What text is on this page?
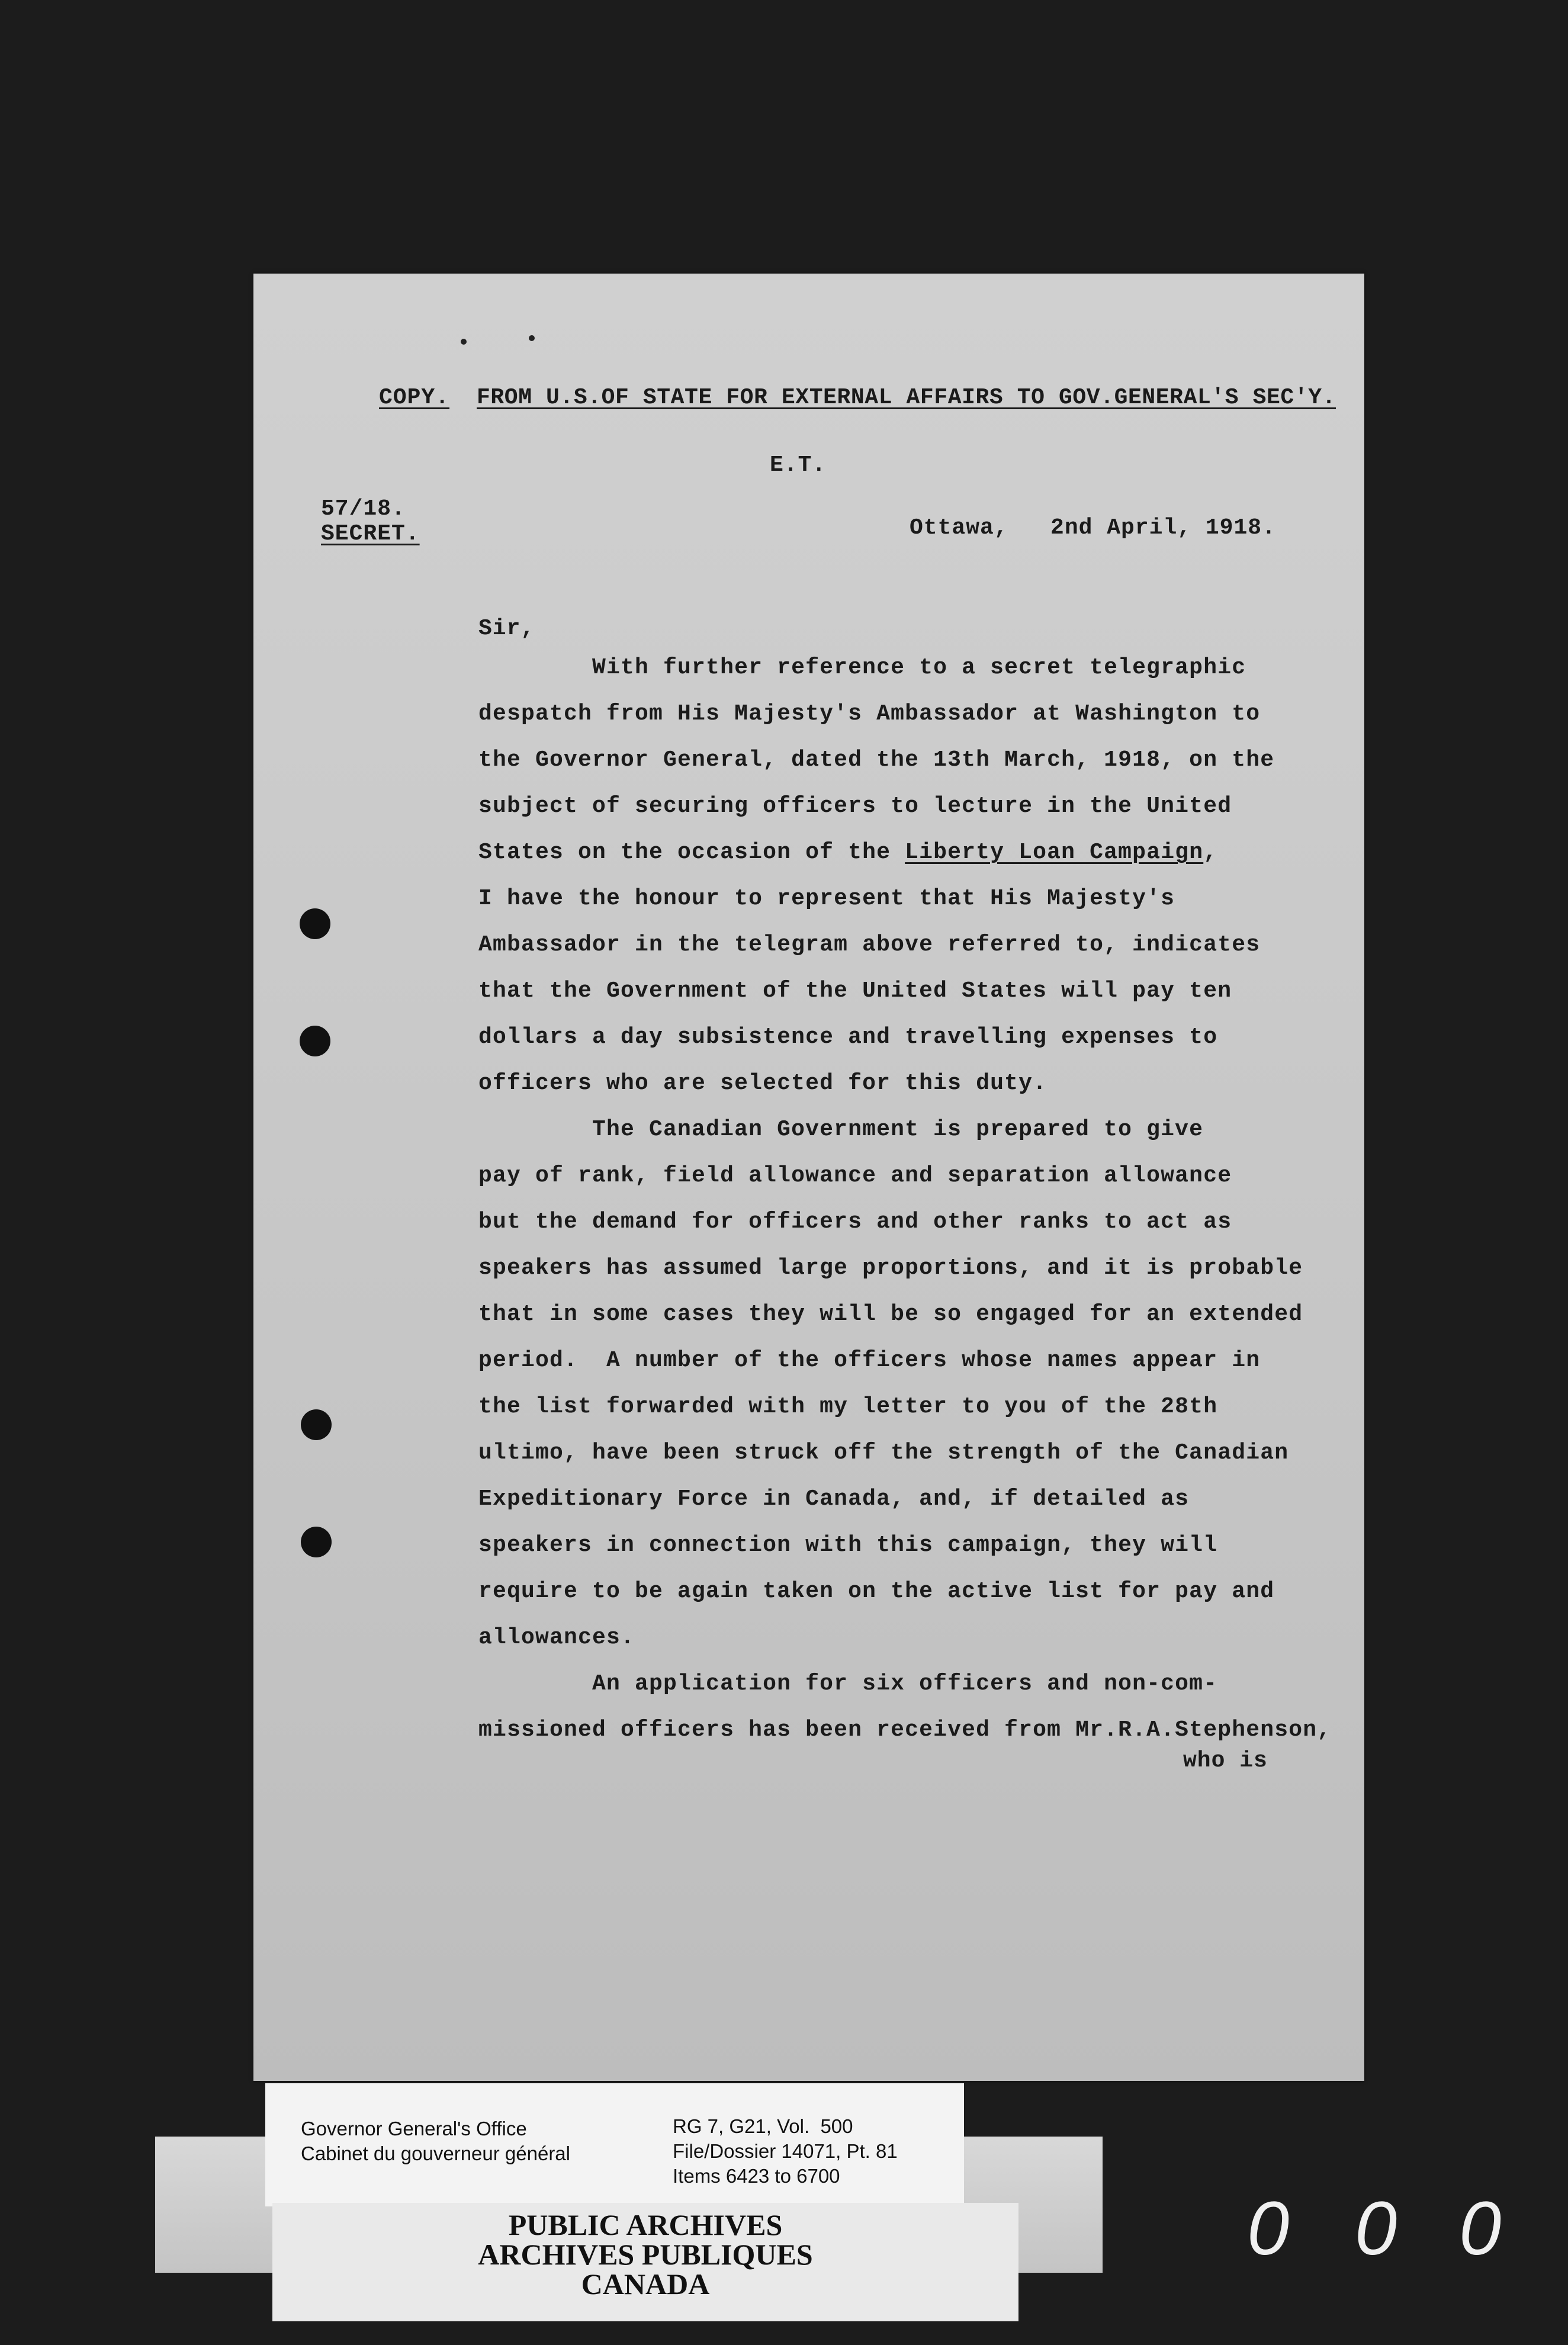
COPY. FROM U.S.OF STATE FOR EXTERNAL AFFAIRS TO GOV.GENERAL'S SEC'Y.
E.T.
57/18.
SECRET.	Ottawa,   2nd April, 1918.
Sir,
With further reference to a secret telegraphic
despatch from His Majesty's Ambassador at Washington to
the Governor General, dated the 13th March, 1918, on the
subject of securing officers to lecture in the United
States on the occasion of the Liberty Loan Campaign,
I have the honour to represent that His Majesty's
Ambassador in the telegram above referred to, indicates
that the Government of the United States will pay ten
dollars a day subsistence and travelling expenses to
officers who are selected for this duty.
The Canadian Government is prepared to give
pay of rank, field allowance and separation allowance
but the demand for officers and other ranks to act as
speakers has assumed large proportions, and it is probable
that in some cases they will be so engaged for an extended
period.  A number of the officers whose names appear in
the list forwarded with my letter to you of the 28th
ultimo, have been struck off the strength of the Canadian
Expeditionary Force in Canada, and, if detailed as
speakers in connection with this campaign, they will
require to be again taken on the active list for pay and
allowances.
An application for six officers and non-com-
missioned officers has been received from Mr.R.A.Stephenson,
who is
Governor General's Office
Cabinet du gouverneur général
RG 7, G21, Vol.  500
File/Dossier 14071, Pt. 81
Items 6423 to 6700
PUBLIC ARCHIVES
ARCHIVES PUBLIQUES
CANADA
0 0 0
